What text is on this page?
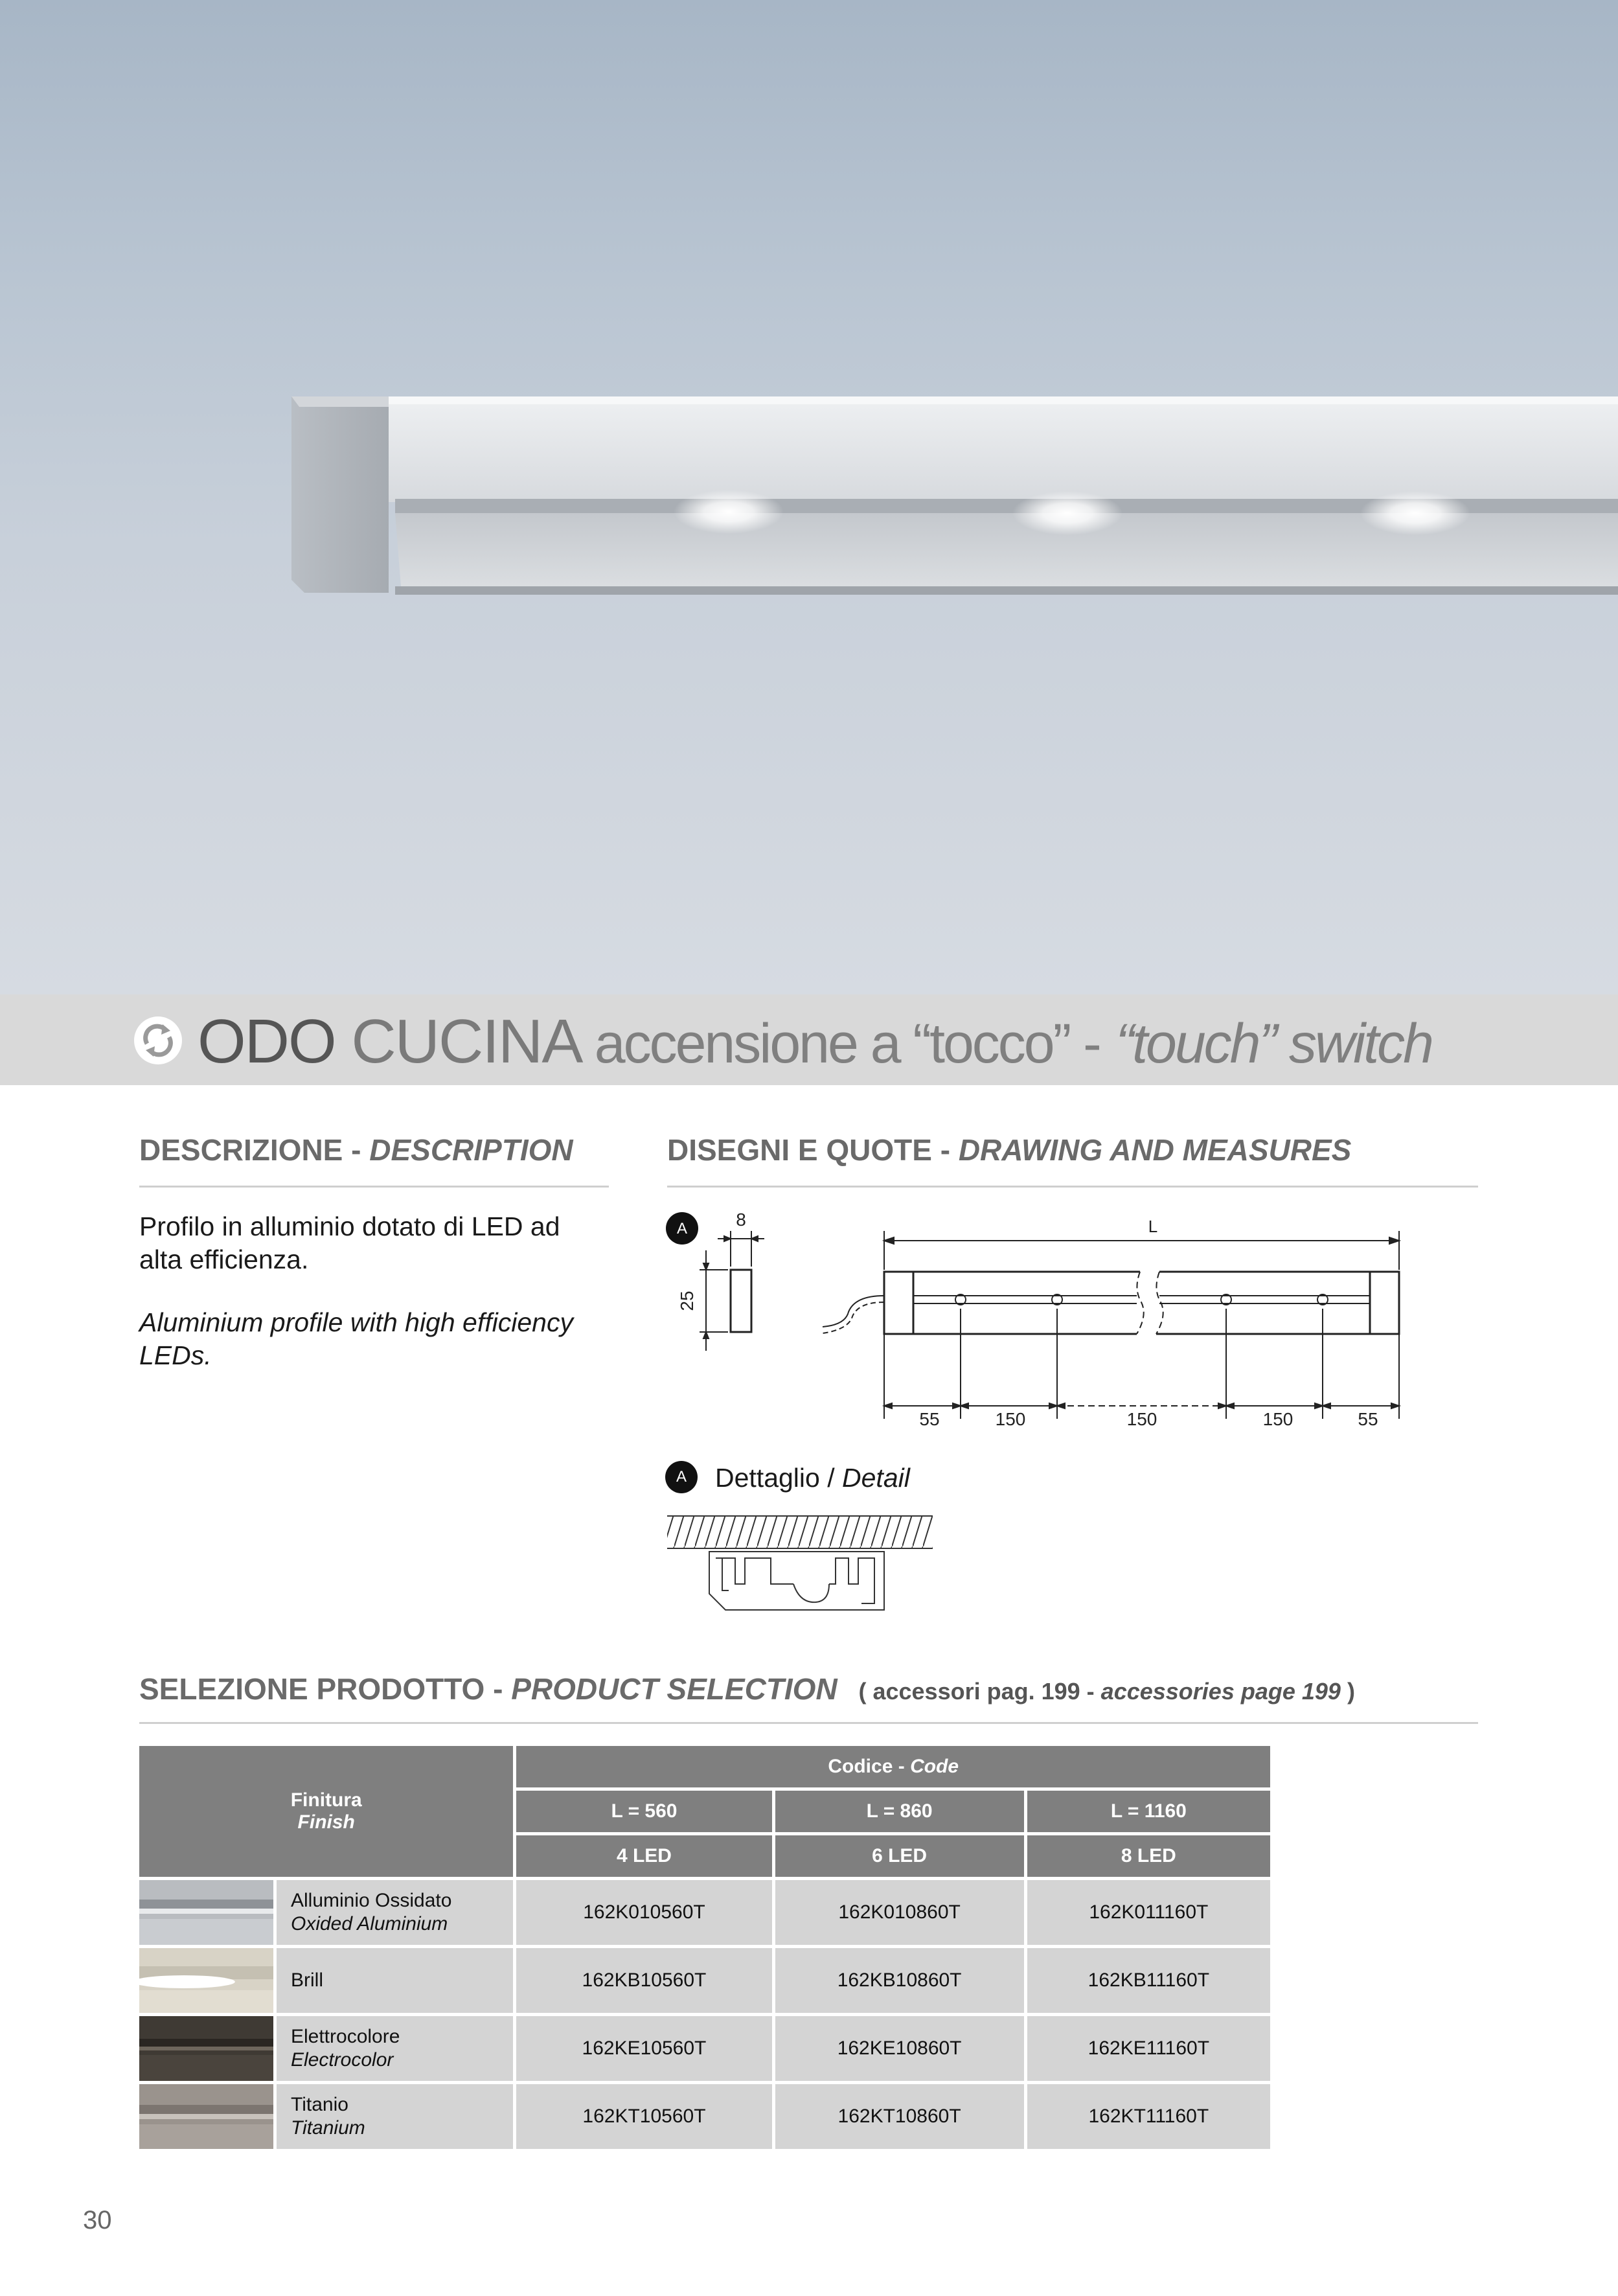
ODO CUCINA accensione a “tocco” - “touch” switch
DESCRIZIONE - DESCRIPTION
Profilo in alluminio dotato di LED ad alta efficienza.
Aluminium profile with high efficiency LEDs.
DISEGNI E QUOTE - DRAWING AND MEASURES
A	8
25
L
55	150	150	150	55
A	Dettaglio / Detail
SELEZIONE PRODOTTO - PRODUCT SELECTION ( accessori pag. 199 - accessories page 199 )
Finitura
Finish		Codice - Code		
		L = 560	L = 860	L = 1160
		4 LED	6 LED	8 LED

	Alluminio Ossidato
Oxided Aluminium	162K010560T	162K010860T	162K011160T

	Brill	162KB10560T	162KB10860T	162KB11160T

	Elettrocolore
Electrocolor	162KE10560T	162KE10860T	162KE11160T

	Titanio
Titanium	162KT10560T	162KT10860T	162KT11160T
30
